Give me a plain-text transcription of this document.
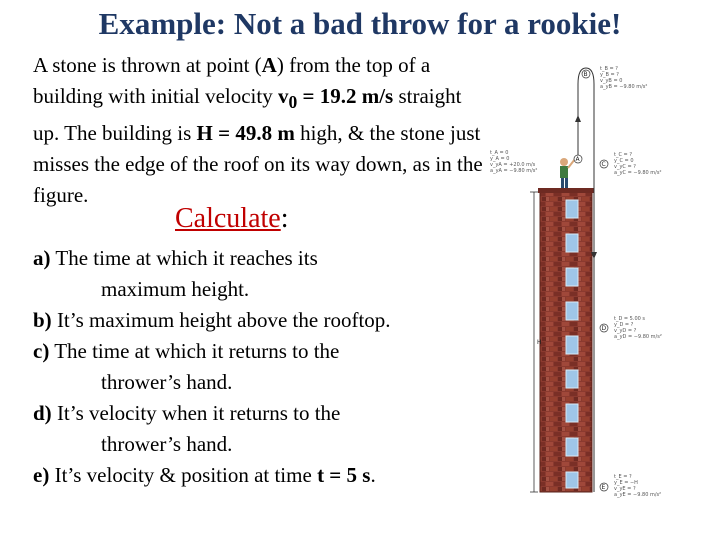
Example: Not a bad throw for a rookie!
A stone is thrown at point (A) from the top of a building with initial velocity $v_0 = 19.2$ m/s straight up. The building is H = 49.8 m high, & the stone just misses the edge of the roof on its way down, as in the figure.
Calculate:
a) The time at which it reaches its
maximum height.
b) It’s maximum height above the rooftop.
c) The time at which it returns to the
thrower’s hand.
d) It’s velocity when it returns to the
thrower’s hand.
e) It’s velocity & position at time t = 5 s.
H
A
B
C
D
E
t_B = ?
y_B = ?
v_yB = 0
a_yB = −9.80 m/s²
t_A = 0
y_A = 0
v_yA = +20.0 m/s
a_yA = −9.80 m/s²
t_C = ?
y_C = 0
v_yC = ?
a_yC = −9.80 m/s²
t_D = 5.00 s
y_D = ?
v_yD = ?
a_yD = −9.80 m/s²
t_E = ?
y_E = −H
v_yE = ?
a_yE = −9.80 m/s²
